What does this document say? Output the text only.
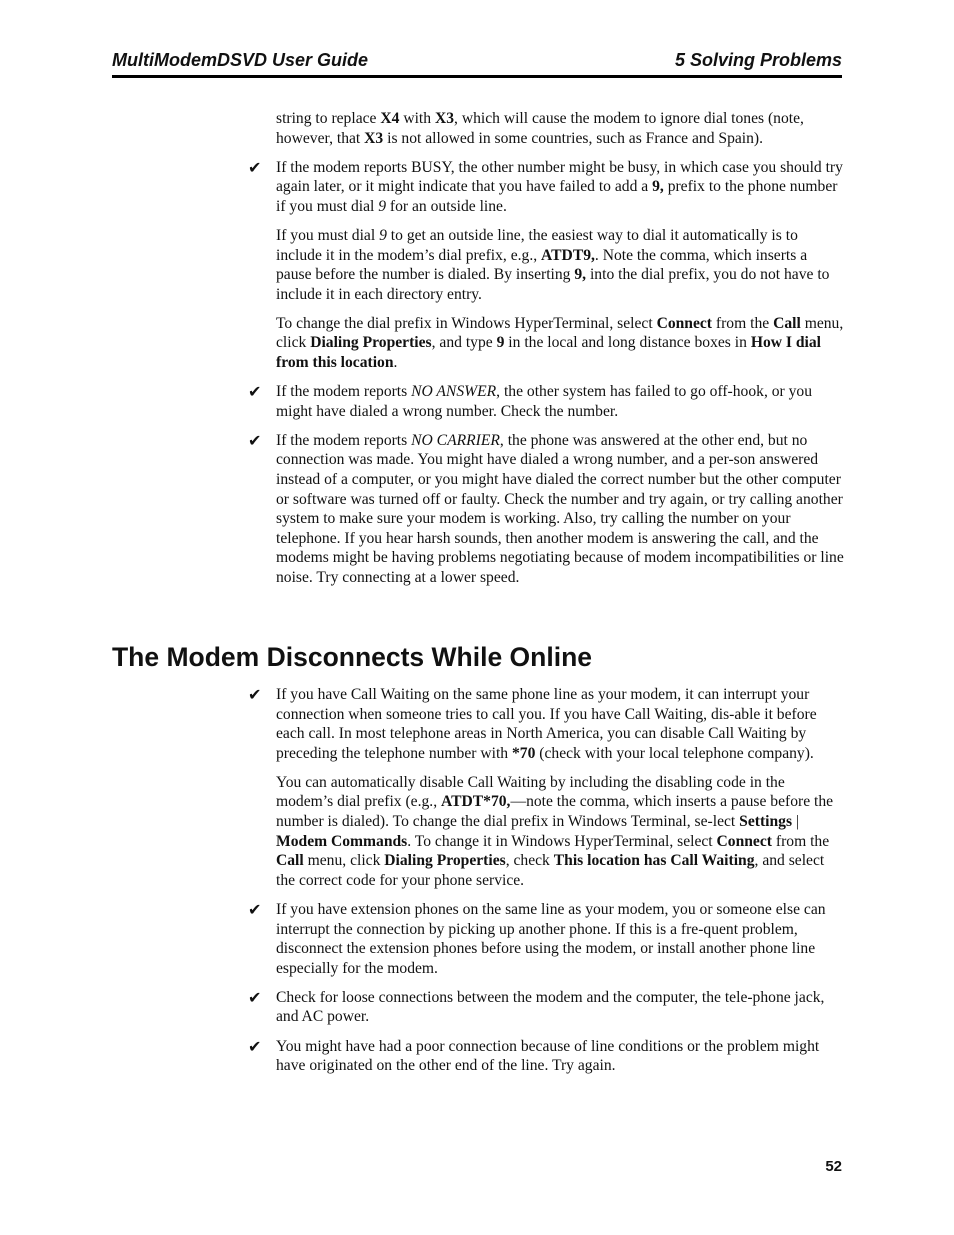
MultiModemDSVD User Guide	5 Solving Problems

string to replace X4 with X3, which will cause the modem to ignore dial tones (note, however, that X3 is not allowed in some countries, such as France and Spain).

✔ If the modem reports BUSY, the other number might be busy, in which case you should try again later, or it might indicate that you have failed to add a 9, prefix to the phone number if you must dial 9 for an outside line.

If you must dial 9 to get an outside line, the easiest way to dial it automatically is to include it in the modem’s dial prefix, e.g., ATDT9,. Note the comma, which inserts a pause before the number is dialed. By inserting 9, into the dial prefix, you do not have to include it in each directory entry.

To change the dial prefix in Windows HyperTerminal, select Connect from the Call menu, click Dialing Properties, and type 9 in the local and long distance boxes in How I dial from this location.

✔ If the modem reports NO ANSWER, the other system has failed to go off-hook, or you might have dialed a wrong number. Check the number.

✔ If the modem reports NO CARRIER, the phone was answered at the other end, but no connection was made. You might have dialed a wrong number, and a per-son answered instead of a computer, or you might have dialed the correct number but the other computer or software was turned off or faulty. Check the number and try again, or try calling another system to make sure your modem is working. Also, try calling the number on your telephone. If you hear harsh sounds, then another modem is answering the call, and the modems might be having problems negotiating because of modem incompatibilities or line noise. Try connecting at a lower speed.

The Modem Disconnects While Online

✔ If you have Call Waiting on the same phone line as your modem, it can interrupt your connection when someone tries to call you. If you have Call Waiting, dis-able it before each call. In most telephone areas in North America, you can disable Call Waiting by preceding the telephone number with *70 (check with your local telephone company).

You can automatically disable Call Waiting by including the disabling code in the modem’s dial prefix (e.g., ATDT*70,—note the comma, which inserts a pause before the number is dialed). To change the dial prefix in Windows Terminal, se-lect Settings | Modem Commands. To change it in Windows HyperTerminal, select Connect from the Call menu, click Dialing Properties, check This location has Call Waiting, and select the correct code for your phone service.

✔ If you have extension phones on the same line as your modem, you or someone else can interrupt the connection by picking up another phone. If this is a fre-quent problem, disconnect the extension phones before using the modem, or install another phone line especially for the modem.

✔ Check for loose connections between the modem and the computer, the tele-phone jack, and AC power.

✔ You might have had a poor connection because of line conditions or the problem might have originated on the other end of the line. Try again.

52
